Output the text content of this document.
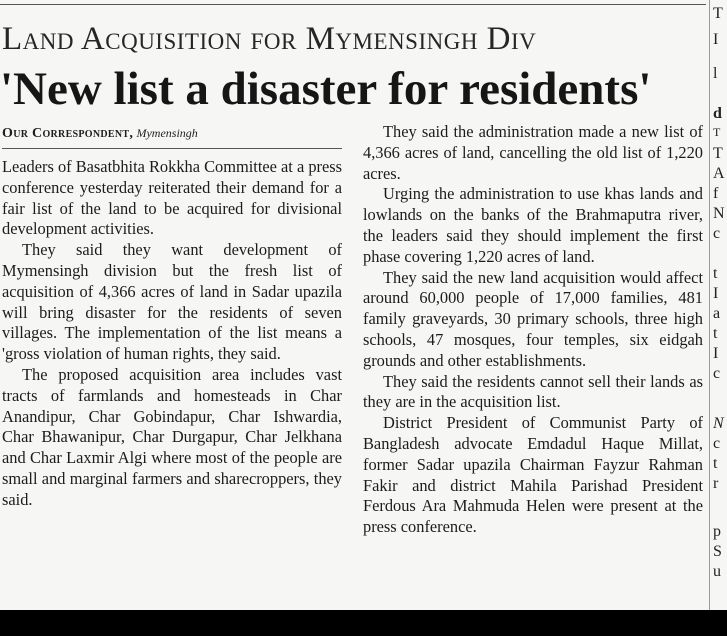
Land Acquisition for Mymensingh Div
'New list a disaster for residents'
Our Correspondent, Mymensingh

Leaders of Basatbhita Rokkha Committee at a press conference yesterday reiterated their demand for a fair list of the land to be acquired for divisional development activities.

They said they want development of Mymensingh division but the fresh list of acquisition of 4,366 acres of land in Sadar upazila will bring disaster for the residents of seven villages. The implementation of the list means a 'gross violation of human rights, they said.

The proposed acquisition area includes vast tracts of farmlands and homesteads in Char Anandipur, Char Gobindapur, Char Ishwardia, Char Bhawanipur, Char Durgapur, Char Jelkhana and Char Laxmir Algi where most of the people are small and marginal farmers and sharecroppers, they said.

They said the administration made a new list of 4,366 acres of land, cancelling the old list of 1,220 acres.

Urging the administration to use khas lands and lowlands on the banks of the Brahmaputra river, the leaders said they should implement the first phase covering 1,220 acres of land.

They said the new land acquisition would affect around 60,000 people of 17,000 families, 481 family graveyards, 30 primary schools, three high schools, 47 mosques, four temples, six eidgah grounds and other establishments.

They said the residents cannot sell their lands as they are in the acquisition list.

District President of Communist Party of Bangladesh advocate Emdadul Haque Millat, former Sadar upazila Chairman Fayzur Rahman Fakir and district Mahila Parishad President Ferdous Ara Mahmuda Helen were present at the press conference.

T
I
l
d
T
T
A
f
N
c
t
I
a
t
I
c
N
c
t
r
p
S
u
